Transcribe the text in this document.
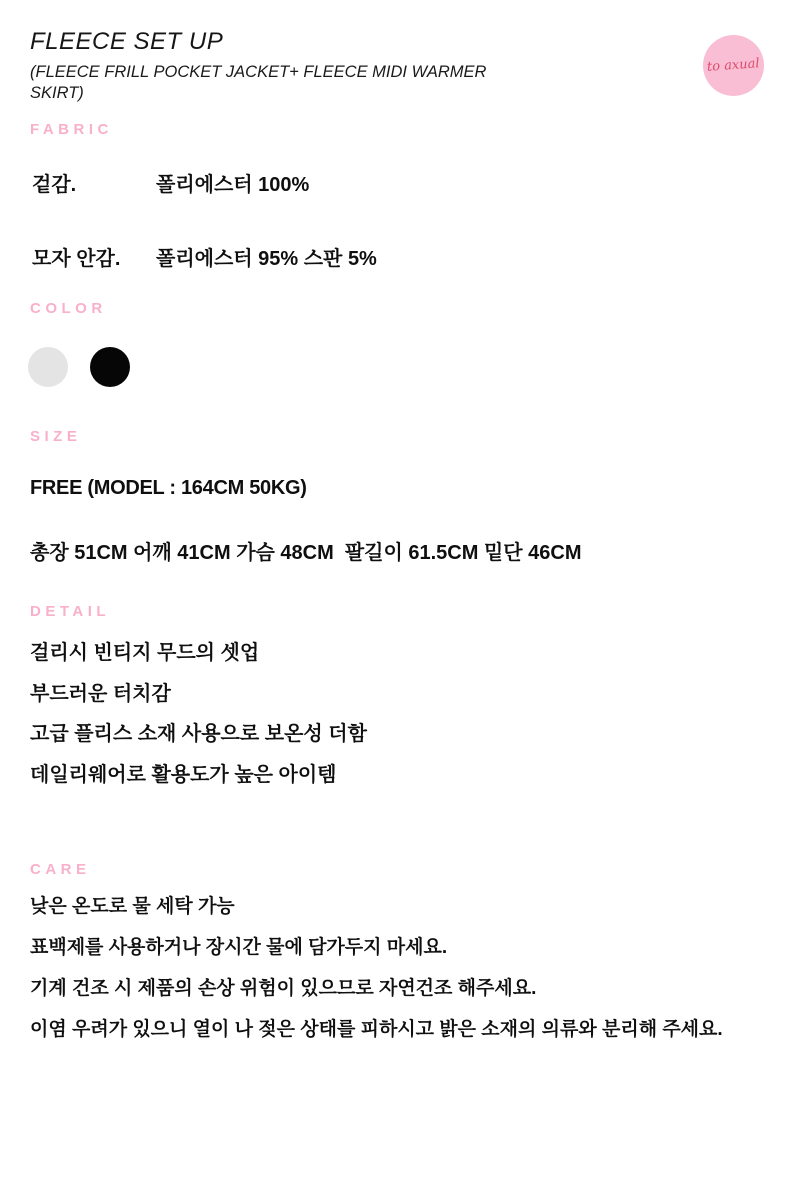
FLEECE SET UP
(FLEECE FRILL POCKET JACKET+ FLEECE MIDI WARMER
SKIRT)
to axual
FABRIC
겉감.	폴리에스터 100%
모자 안감.	폴리에스터 95% 스판 5%
COLOR
SIZE
FREE (MODEL : 164CM 50KG)
총장 51CM 어깨 41CM 가슴 48CM  팔길이 61.5CM 밑단 46CM
DETAIL
걸리시 빈티지 무드의 셋업
부드러운 터치감
고급 플리스 소재 사용으로 보온성 더함
데일리웨어로 활용도가 높은 아이템
CARE
낮은 온도로 물 세탁 가능
표백제를 사용하거나 장시간 물에 담가두지 마세요.
기계 건조 시 제품의 손상 위험이 있으므로 자연건조 해주세요.
이염 우려가 있으니 열이 나 젖은 상태를 피하시고 밝은 소재의 의류와 분리해 주세요.
